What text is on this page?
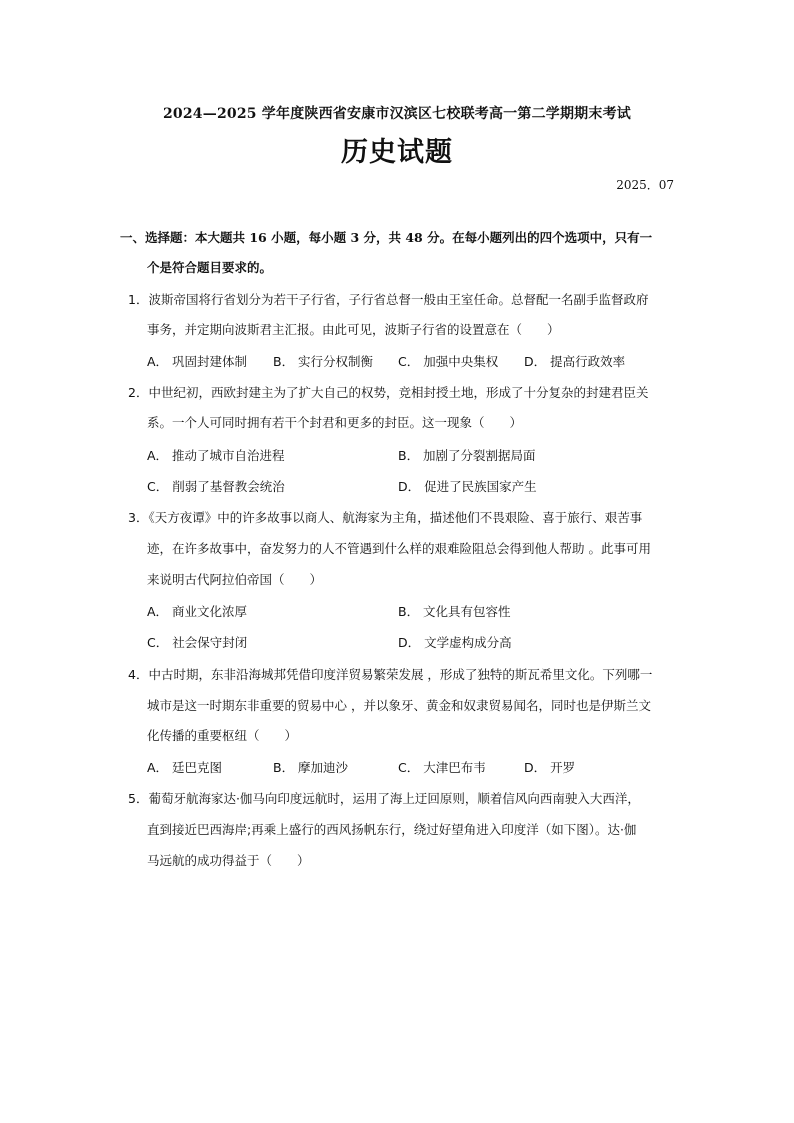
2024—2025 学年度陕西省安康市汉滨区七校联考高一第二学期期末考试
历史试题
2025．07
一、选择题：本大题共 16 小题，每小题 3 分，共 48 分。在每小题列出的四个选项中，只有一
个是符合题目要求的。
1．波斯帝国将行省划分为若干子行省，子行省总督一般由王室任命。总督配一名副手监督政府
事务，并定期向波斯君主汇报。由此可见，波斯子行省的设置意在（　　）
A． 巩固封建体制 B． 实行分权制衡 C． 加强中央集权 D． 提高行政效率
2．中世纪初，西欧封建主为了扩大自己的权势，竞相封授土地，形成了十分复杂的封建君臣关
系。一个人可同时拥有若干个封君和更多的封臣。这一现象（　　）
A． 推动了城市自治进程	B． 加剧了分裂割据局面
C． 削弱了基督教会统治	D． 促进了民族国家产生
3．《天方夜谭》中的许多故事以商人、航海家为主角，描述他们不畏艰险、喜于旅行、艰苦事
迹，在许多故事中，奋发努力的人不管遇到什么样的艰难险阻总会得到他人帮助 。此事可用
来说明古代阿拉伯帝国（　　）
A． 商业文化浓厚	B． 文化具有包容性
C． 社会保守封闭	D． 文学虚构成分高
4．中古时期，东非沿海城邦凭借印度洋贸易繁荣发展 ，形成了独特的斯瓦希里文化。下列哪一
城市是这一时期东非重要的贸易中心 ，并以象牙、黄金和奴隶贸易闻名，同时也是伊斯兰文
化传播的重要枢纽（　　）
A． 廷巴克图	B． 摩加迪沙	C． 大津巴布韦	D． 开罗
5．葡萄牙航海家达·伽马向印度远航时，运用了海上迂回原则，顺着信风向西南驶入大西洋，
直到接近巴西海岸;再乘上盛行的西风扬帆东行，绕过好望角进入印度洋（如下图）。达·伽
马远航的成功得益于（　　）
